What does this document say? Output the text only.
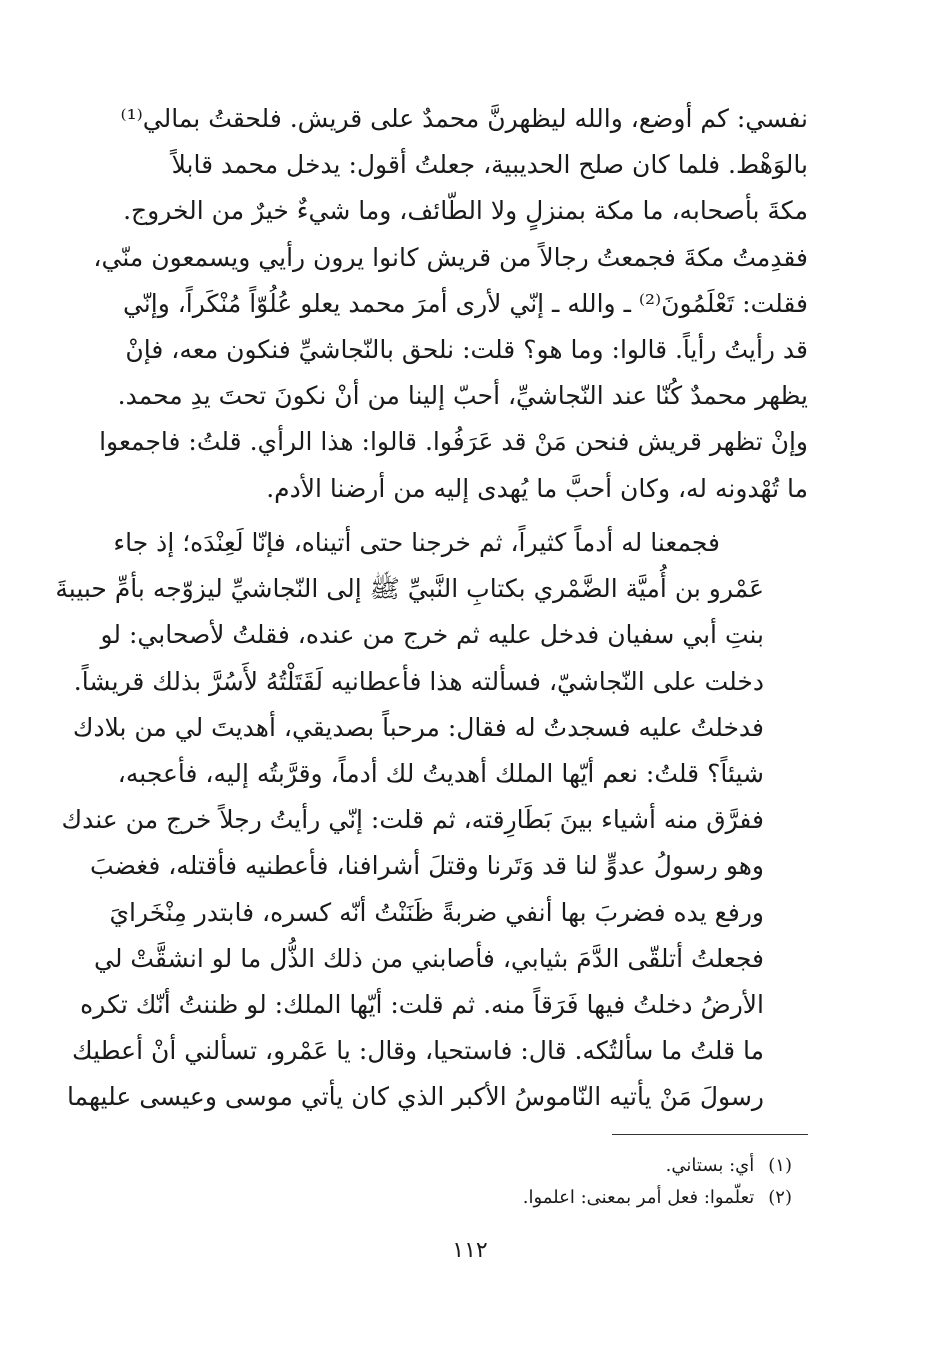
نفسي: كم أوضع، والله ليظهرنَّ محمدٌ على قريش. فلحقتُ بمالي⁽¹⁾
بالوَهْط. فلما كان صلح الحديبية، جعلتُ أقول: يدخل محمد قابلاً
مكةَ بأصحابه، ما مكة بمنزلٍ ولا الطّائف، وما شيءٌ خيرٌ من الخروج.
فقدِمتُ مكةَ فجمعتُ رجالاً من قريش كانوا يرون رأيي ويسمعون منّي،
فقلت: تَعْلَمُونَ⁽²⁾ ـ والله ـ إنّي لأرى أمرَ محمد يعلو عُلُوّاً مُنْكَراً، وإنّي
قد رأيتُ رأياً. قالوا: وما هو؟ قلت: نلحق بالنّجاشيِّ فنكون معه، فإنْ
يظهر محمدٌ كُنّا عند النّجاشيِّ، أحبّ إلينا من أنْ نكونَ تحتَ يدِ محمد.
وإنْ تظهر قريش فنحن مَنْ قد عَرَفُوا. قالوا: هذا الرأي. قلتُ: فاجمعوا
ما تُهْدونه له، وكان أحبَّ ما يُهدى إليه من أرضنا الأدم.
فجمعنا له أدماً كثيراً، ثم خرجنا حتى أتيناه، فإنّا لَعِنْدَه؛ إذ جاء
عَمْرو بن أُميَّة الضَّمْري بكتابِ النَّبيِّ ﷺ إلى النّجاشيِّ ليزوّجه بأمِّ حبيبةَ
بنتِ أبي سفيان فدخل عليه ثم خرج من عنده، فقلتُ لأصحابي: لو
دخلت على النّجاشيّ، فسألته هذا فأعطانيه لَقَتَلْتُهُ لأَسُرَّ بذلك قريشاً.
فدخلتُ عليه فسجدتُ له فقال: مرحباً بصديقي، أهديتَ لي من بلادك
شيئاً؟ قلتُ: نعم أيّها الملك أهديتُ لك أدماً، وقرَّبتُه إليه، فأعجبه،
ففرَّق منه أشياء بينَ بَطَارِقته، ثم قلت: إنّي رأيتُ رجلاً خرج من عندك
وهو رسولُ عدوٍّ لنا قد وَتَرنا وقتلَ أشرافنا، فأعطنيه فأقتله، فغضبَ
ورفع يده فضربَ بها أنفي ضربةً ظَنَنْتُ أنّه كسره، فابتدر مِنْخَرايَ
فجعلتُ أتلقّى الدَّمَ بثيابي، فأصابني من ذلك الذُّل ما لو انشقَّتْ لي
الأرضُ دخلتُ فيها فَرَقاً منه. ثم قلت: أيّها الملك: لو ظننتُ أنّك تكره
ما قلتُ ما سألتُكه. قال: فاستحيا، وقال: يا عَمْرو، تسألني أنْ أعطيك
رسولَ مَنْ يأتيه النّاموسُ الأكبر الذي كان يأتي موسى وعيسى عليهما
(١)أي: بستاني.
(٢)تعلّموا: فعل أمر بمعنى: اعلموا.
١١٢
